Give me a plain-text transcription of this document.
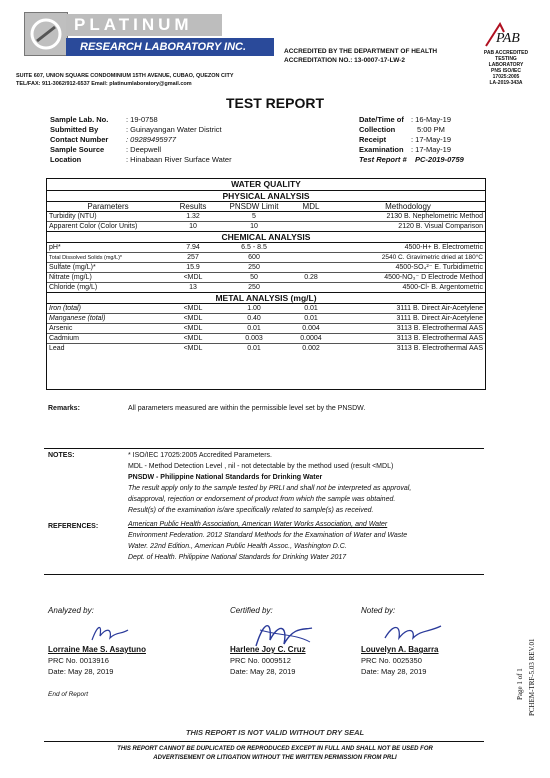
PLATINUM
RESEARCH LABORATORY INC.
SUITE 607, UNION SQUARE CONDOMINIUM 15TH AVENUE, CUBAO, QUEZON CITY
TEL/FAX: 911-3062/912-6537 Email: platinumlaboratory@gmail.com
ACCREDITED BY THE DEPARTMENT OF HEALTH
ACCREDITATION NO.: 13-0007-17-LW-2
PAB
PAB ACCREDITED
TESTING
LABORATORY
PNS ISO/IEC
17025:2005
LA-2019-343A
TEST REPORT
Sample Lab. No. : 19-0758
Submitted By	: Guinayangan Water District
Contact Number : 09289495977
Sample Source	: Deepwell
Location	: Hinabaan River Surface Water
Date/Time of : 16-May-19
Collection	5:00 PM
Receipt	: 17-May-19
Examination : 17-May-19
Test Report # PC-2019-0759
WATER QUALITY
PHYSICAL ANALYSIS
Parameters	Results	PNSDW Limit	MDL	Methodology
Turbidity (NTU)	1.32	5		2130 B. Nephelometric Method
Apparent Color (Color Units)	10	10		2120 B. Visual Comparison
CHEMICAL ANALYSIS
pH*	7.94	6.5 - 8.5		4500-H+ B. Electrometric
Total Dissolved Solids (mg/L)*	257	600		2540 C. Gravimetric dried at 180°C
Sulfate (mg/L)*	15.9	250		4500-SO₄²⁻ E. Turbidimetric
Nitrate (mg/L)	<MDL	50	0.28	4500-NO₃⁻ D Electrode Method
Chloride (mg/L)	13	250		4500-Cl- B. Argentometric
METAL ANALYSIS (mg/L)
Iron (total)	<MDL	1.00	0.01	3111 B. Direct Air-Acetylene
Manganese (total)	<MDL	0.40	0.01	3111 B. Direct Air-Acetylene
Arsenic	<MDL	0.01	0.004	3113 B. Electrothermal AAS
Cadmium	<MDL	0.003	0.0004	3113 B. Electrothermal AAS
Lead	<MDL	0.01	0.002	3113 B. Electrothermal AAS
Remarks:	All parameters measured are within the permissible level set by the PNSDW.
NOTES:	* ISO/IEC 17025:2005 Accredited Parameters.
MDL - Method Detection Level , nil - not detectable by the method used (result <MDL)
PNSDW - Philippine National Standards for Drinking Water
The result apply only to the sample tested by PRLI and shall not be interpreted as approval,
disapproval, rejection or endorsement of product from which the sample was obtained.
Result(s) of the examination is/are specifically related to sample(s) as received.
REFERENCES:	American Public Health Association, American Water Works Association, and Water
Environment Federation. 2012 Standard Methods for the Examination of Water and Waste
Water. 22nd Edition., American Public Health Assoc., Washington D.C.
Dept. of Health. Philippine National Standards for Drinking Water 2017
Analyzed by:
Lorraine Mae S. Asaytuno
PRC No. 0013916
Date: May 28, 2019
Certified by:
Harlene Joy C. Cruz
PRC No. 0009512
Date: May 28, 2019
Noted by:
Louvelyn A. Bagarra
PRC No. 0025350
Date: May 28, 2019
End of Report	Page 1 of 1 PCHEM-TRF-5.03 REV.01
THIS REPORT IS NOT VALID WITHOUT DRY SEAL
THIS REPORT CANNOT BE DUPLICATED OR REPRODUCED EXCEPT IN FULL AND SHALL NOT BE USED FOR
ADVERTISEMENT OR LITIGATION WITHOUT THE WRITTEN PERMISSION FROM PRLI
